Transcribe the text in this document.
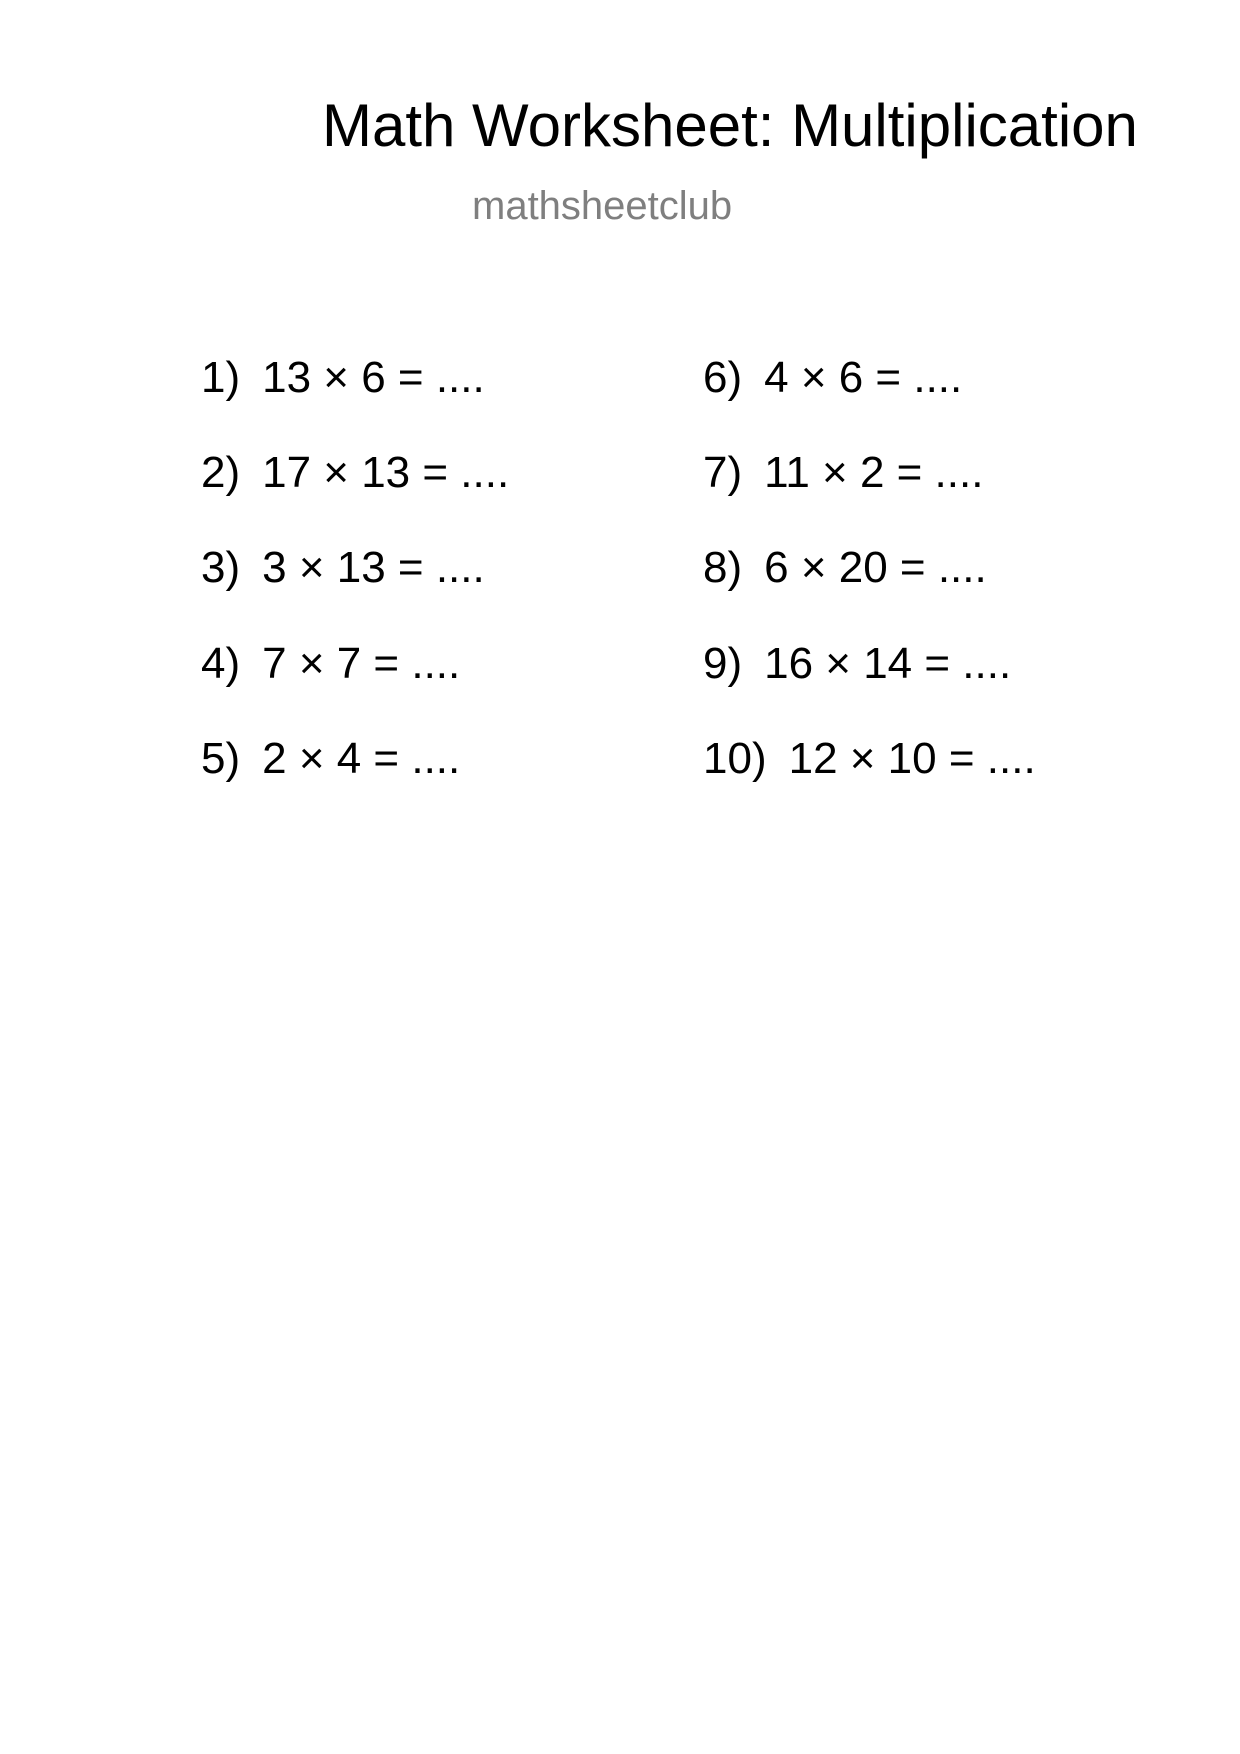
Math Worksheet: Multiplication
mathsheetclub
1) 13 × 6 = ....
2) 17 × 13 = ....
3) 3 × 13 = ....
4) 7 × 7 = ....
5) 2 × 4 = ....
6) 4 × 6 = ....
7) 11 × 2 = ....
8) 6 × 20 = ....
9) 16 × 14 = ....
10) 12 × 10 = ....
